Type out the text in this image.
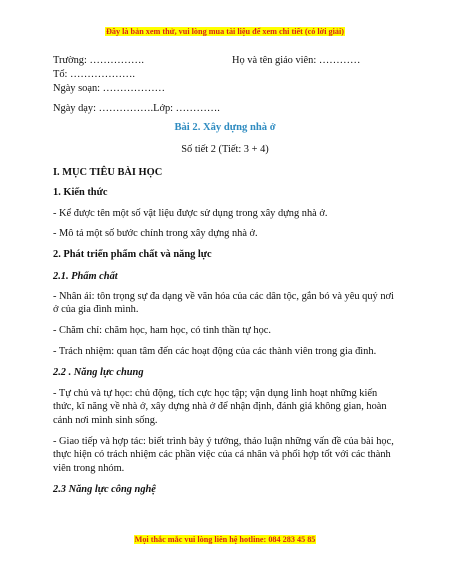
Đây là bản xem thử, vui lòng mua tài liệu để xem chi tiết (có lời giải)
Trường: …………….	Họ và tên giáo viên: …………
Tổ: ……………….
Ngày soạn: ………………
Ngày dạy: …………….Lớp: ………….
Bài 2. Xây dựng nhà ở
Số tiết 2 (Tiết: 3 + 4)
I. MỤC TIÊU BÀI HỌC
1. Kiến thức
- Kể được tên một số vật liệu được sử dụng trong xây dựng nhà ở.
- Mô tả một số bước chính trong xây dựng nhà ở.
2. Phát triển phẩm chất và năng lực
2.1. Phẩm chất
- Nhân ái: tôn trọng sự đa dạng về văn hóa của các dân tộc, gắn bó và yêu quý nơi ở của gia đình mình.
- Chăm chỉ: chăm học, ham học, có tinh thần tự học.
- Trách nhiệm: quan tâm đến các hoạt động của các thành viên trong gia đình.
2.2 . Năng lực chung
- Tự chủ và tự học: chủ động, tích cực học tập; vận dụng linh hoạt những kiến thức, kĩ năng về nhà ở, xây dựng nhà ở để nhận định, đánh giá không gian, hoàn cảnh nơi mình sinh sống.
- Giao tiếp và hợp tác: biết trình bày ý tưởng, thảo luận những vấn đề của bài học, thực hiện có trách nhiệm các phần việc của cá nhân và phối hợp tốt với các thành viên trong nhóm.
2.3 Năng lực công nghệ
Mọi thắc mắc vui lòng liên hệ hotline: 084 283 45 85
